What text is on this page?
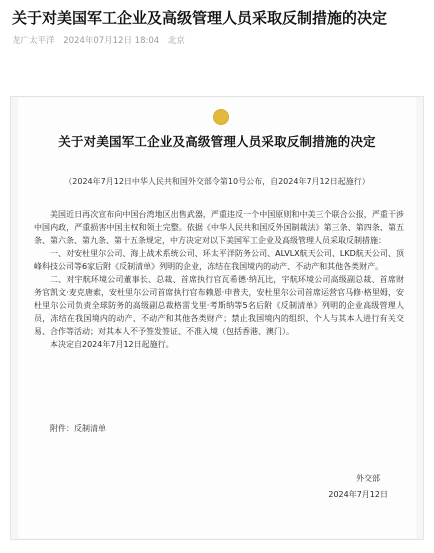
关于对美国军工企业及高级管理人员采取反制措施的决定
龙广太平洋 2024年07月12日 18:04 北京
关于对美国军工企业及高级管理人员采取反制措施的决定
（2024年7月12日中华人民共和国外交部令第10号公布，自2024年7月12日起施行）

美国近日再次宣布向中国台湾地区出售武器，严重违反一个中国原则和中美三个联合公报，严重干涉中国内政，严重损害中国主权和领土完整。依据《中华人民共和国反外国制裁法》第三条、第四条、第五条、第六条、第九条、第十五条规定，中方决定对以下美国军工企业及高级管理人员采取反制措施：

一、对安杜里尔公司、海上战术系统公司、环太平洋防务公司、ALVLX航天公司、LKD航天公司、顶峰科技公司等6家后附《反制清单》列明的企业，冻结在我国境内的动产、不动产和其他各类财产。

二、对宇航环境公司董事长、总裁、首席执行官瓦希德·纳瓦比，宇航环境公司高级副总裁、首席财务官凯文·麦克唐索，安杜里尔公司首席执行官布赖恩·申普夫，安杜里尔公司首席运营官马修·格里姆，安杜里尔公司负责全球防务的高级副总裁格雷戈里·考斯纳等5名后附《反制清单》列明的企业高级管理人员，冻结在我国境内的动产、不动产和其他各类财产；禁止我国境内的组织、个人与其本人进行有关交易、合作等活动；对其本人不予签发签证、不准入境（包括香港、澳门）。

本决定自2024年7月12日起施行。

附件：反制清单
外交部
2024年7月12日
